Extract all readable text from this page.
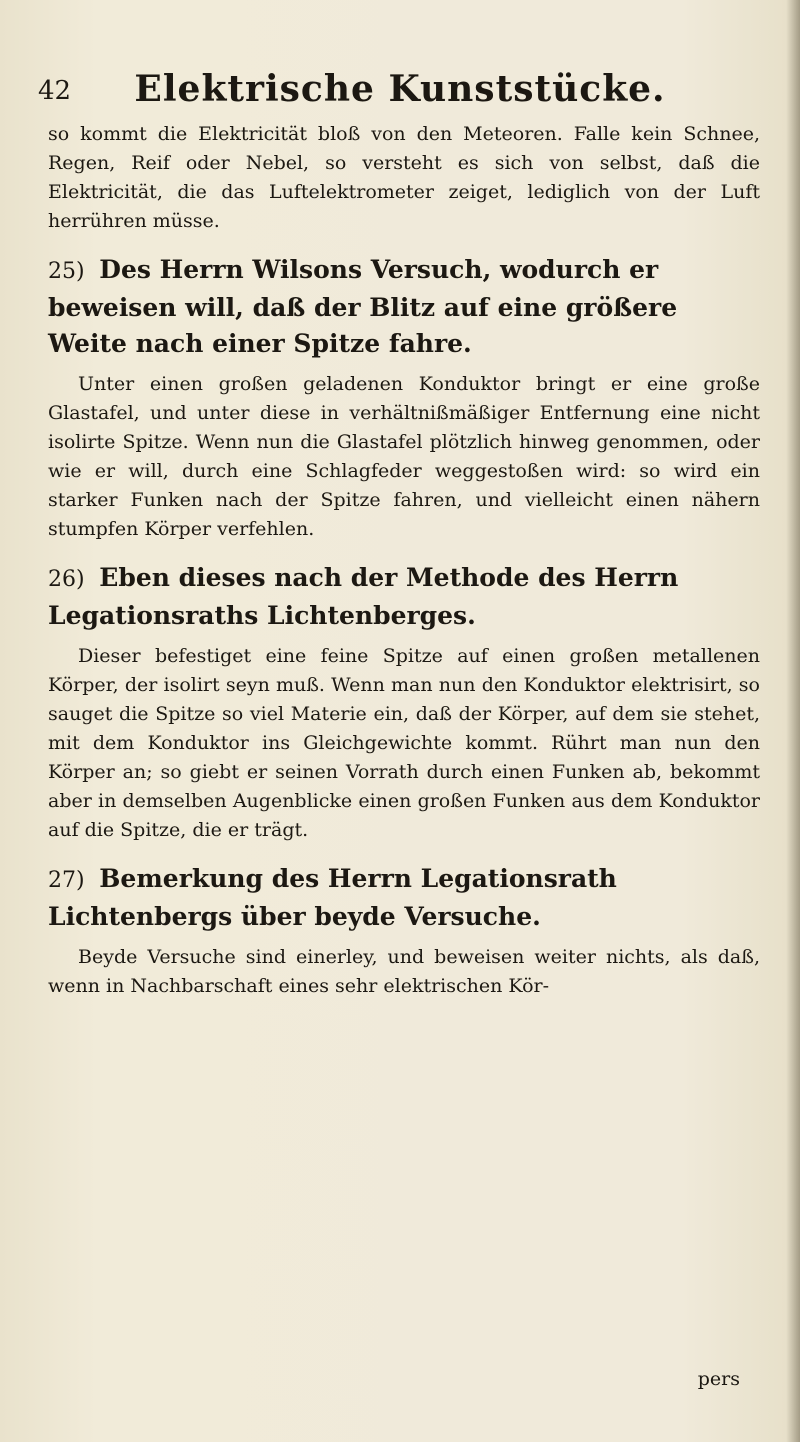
42	Elektrische Kunststücke.

so kommt die Elektricität bloß von den Meteoren. Falle kein Schnee, Regen, Reif oder Nebel, so versteht es sich von selbst, daß die Elektricität, die das Luftelektrometer zeiget, lediglich von der Luft herrühren müsse.

25) Des Herrn Wilsons Versuch, wodurch er beweisen will, daß der Blitz auf eine größere Weite nach einer Spitze fahre.

Unter einen großen geladenen Konduktor bringt er eine große Glastafel, und unter diese in verhältnißmäßiger Entfernung eine nicht isolirte Spitze. Wenn nun die Glastafel plötzlich hinweg genommen, oder wie er will, durch eine Schlagfeder weggestoßen wird: so wird ein starker Funken nach der Spitze fahren, und vielleicht einen nähern stumpfen Körper verfehlen.

26) Eben dieses nach der Methode des Herrn Legationsraths Lichtenberges.

Dieser befestiget eine feine Spitze auf einen großen metallenen Körper, der isolirt seyn muß. Wenn man nun den Konduktor elektrisirt, so sauget die Spitze so viel Materie ein, daß der Körper, auf dem sie stehet, mit dem Konduktor ins Gleichgewichte kommt. Rührt man nun den Körper an; so giebt er seinen Vorrath durch einen Funken ab, bekommt aber in demselben Augenblicke einen großen Funken aus dem Konduktor auf die Spitze, die er trägt.

27) Bemerkung des Herrn Legationsrath Lichtenbergs über beyde Versuche.

Beyde Versuche sind einerley, und beweisen weiter nichts, als daß, wenn in Nachbarschaft eines sehr elektrischen Kör-

pers
